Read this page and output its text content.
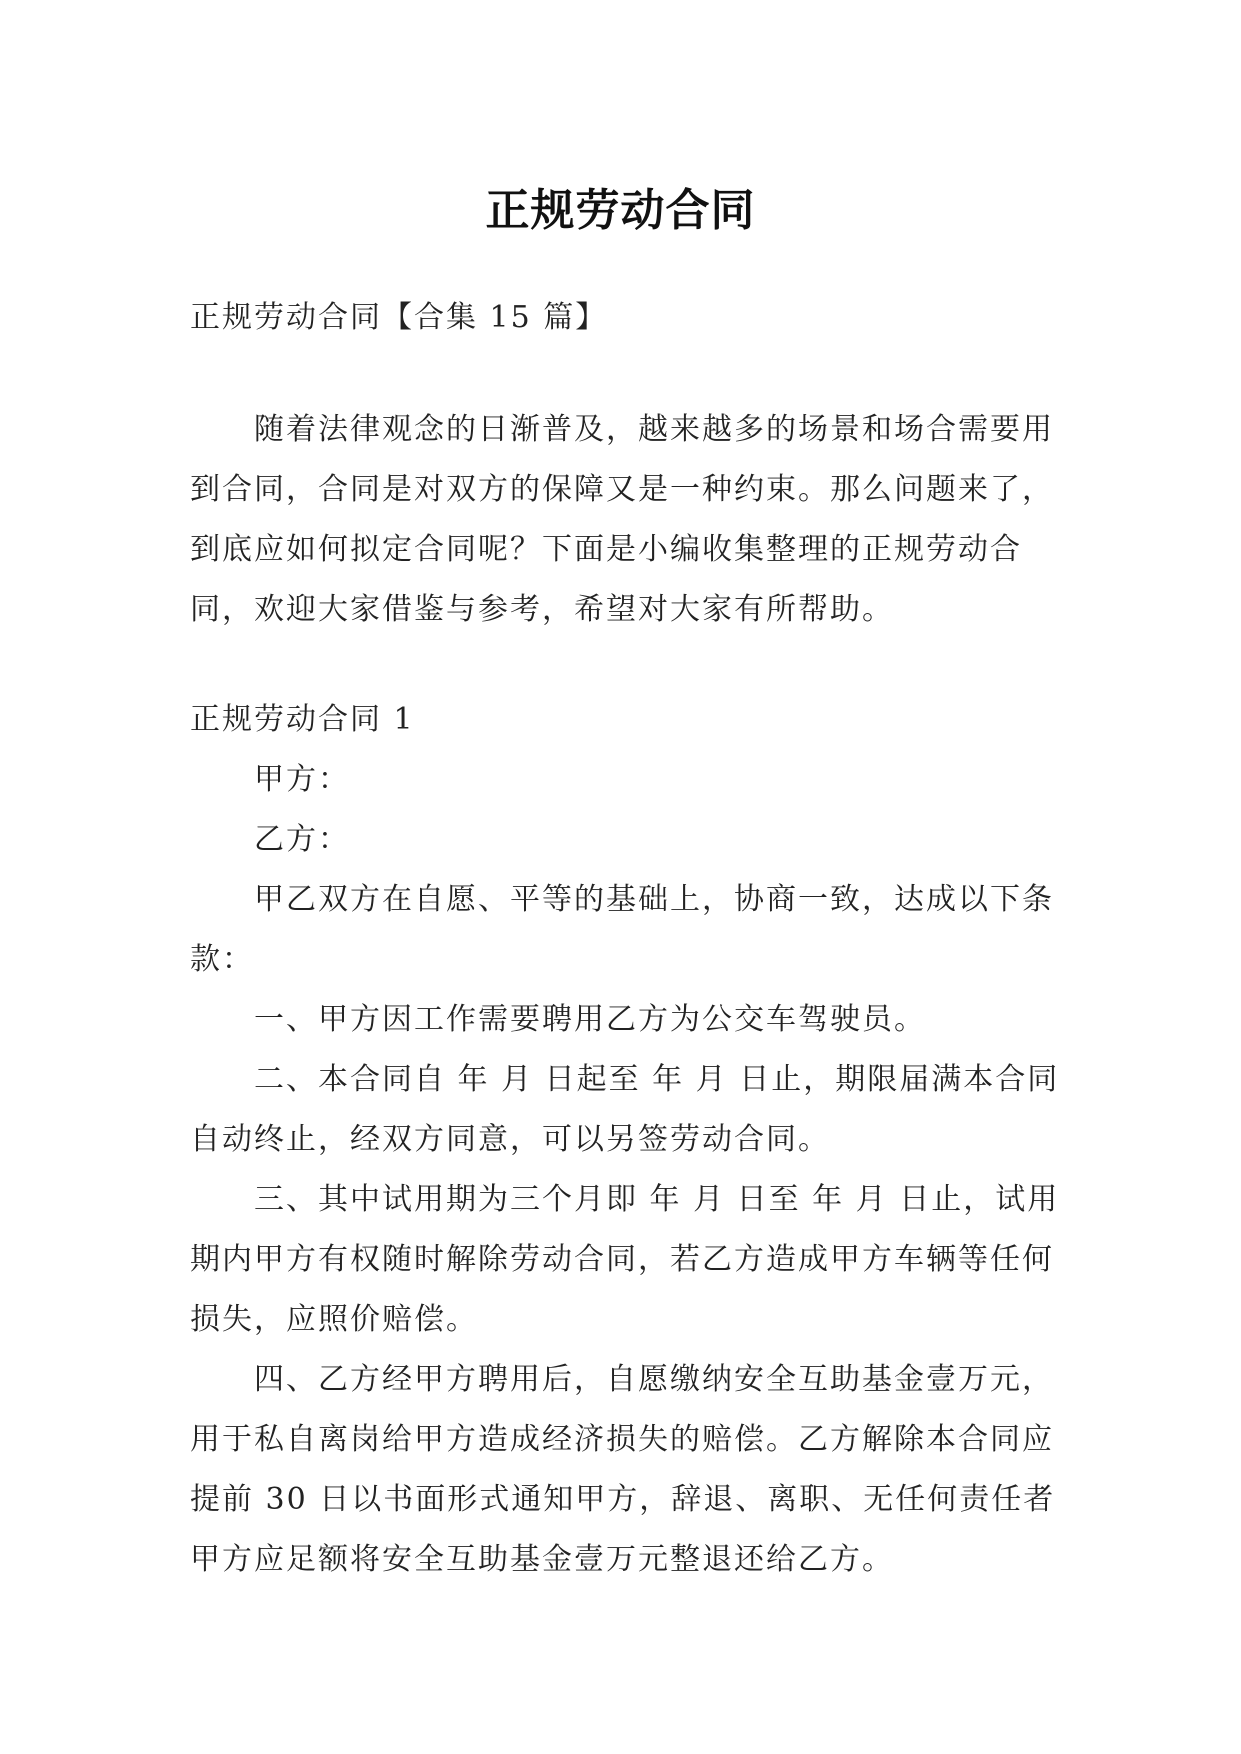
正规劳动合同
正规劳动合同【合集 15 篇】

随着法律观念的日渐普及，越来越多的场景和场合需要用到合同，合同是对双方的保障又是一种约束。那么问题来了，到底应如何拟定合同呢？下面是小编收集整理的正规劳动合同，欢迎大家借鉴与参考，希望对大家有所帮助。

正规劳动合同 1

甲方：

乙方：

甲乙双方在自愿、平等的基础上，协商一致，达成以下条款：

一、甲方因工作需要聘用乙方为公交车驾驶员。

二、本合同自 年 月 日起至 年 月 日止，期限届满本合同自动终止，经双方同意，可以另签劳动合同。

三、其中试用期为三个月即 年 月 日至 年 月 日止，试用期内甲方有权随时解除劳动合同，若乙方造成甲方车辆等任何损失，应照价赔偿。

四、乙方经甲方聘用后，自愿缴纳安全互助基金壹万元，用于私自离岗给甲方造成经济损失的赔偿。乙方解除本合同应提前 30 日以书面形式通知甲方，辞退、离职、无任何责任者甲方应足额将安全互助基金壹万元整退还给乙方。
